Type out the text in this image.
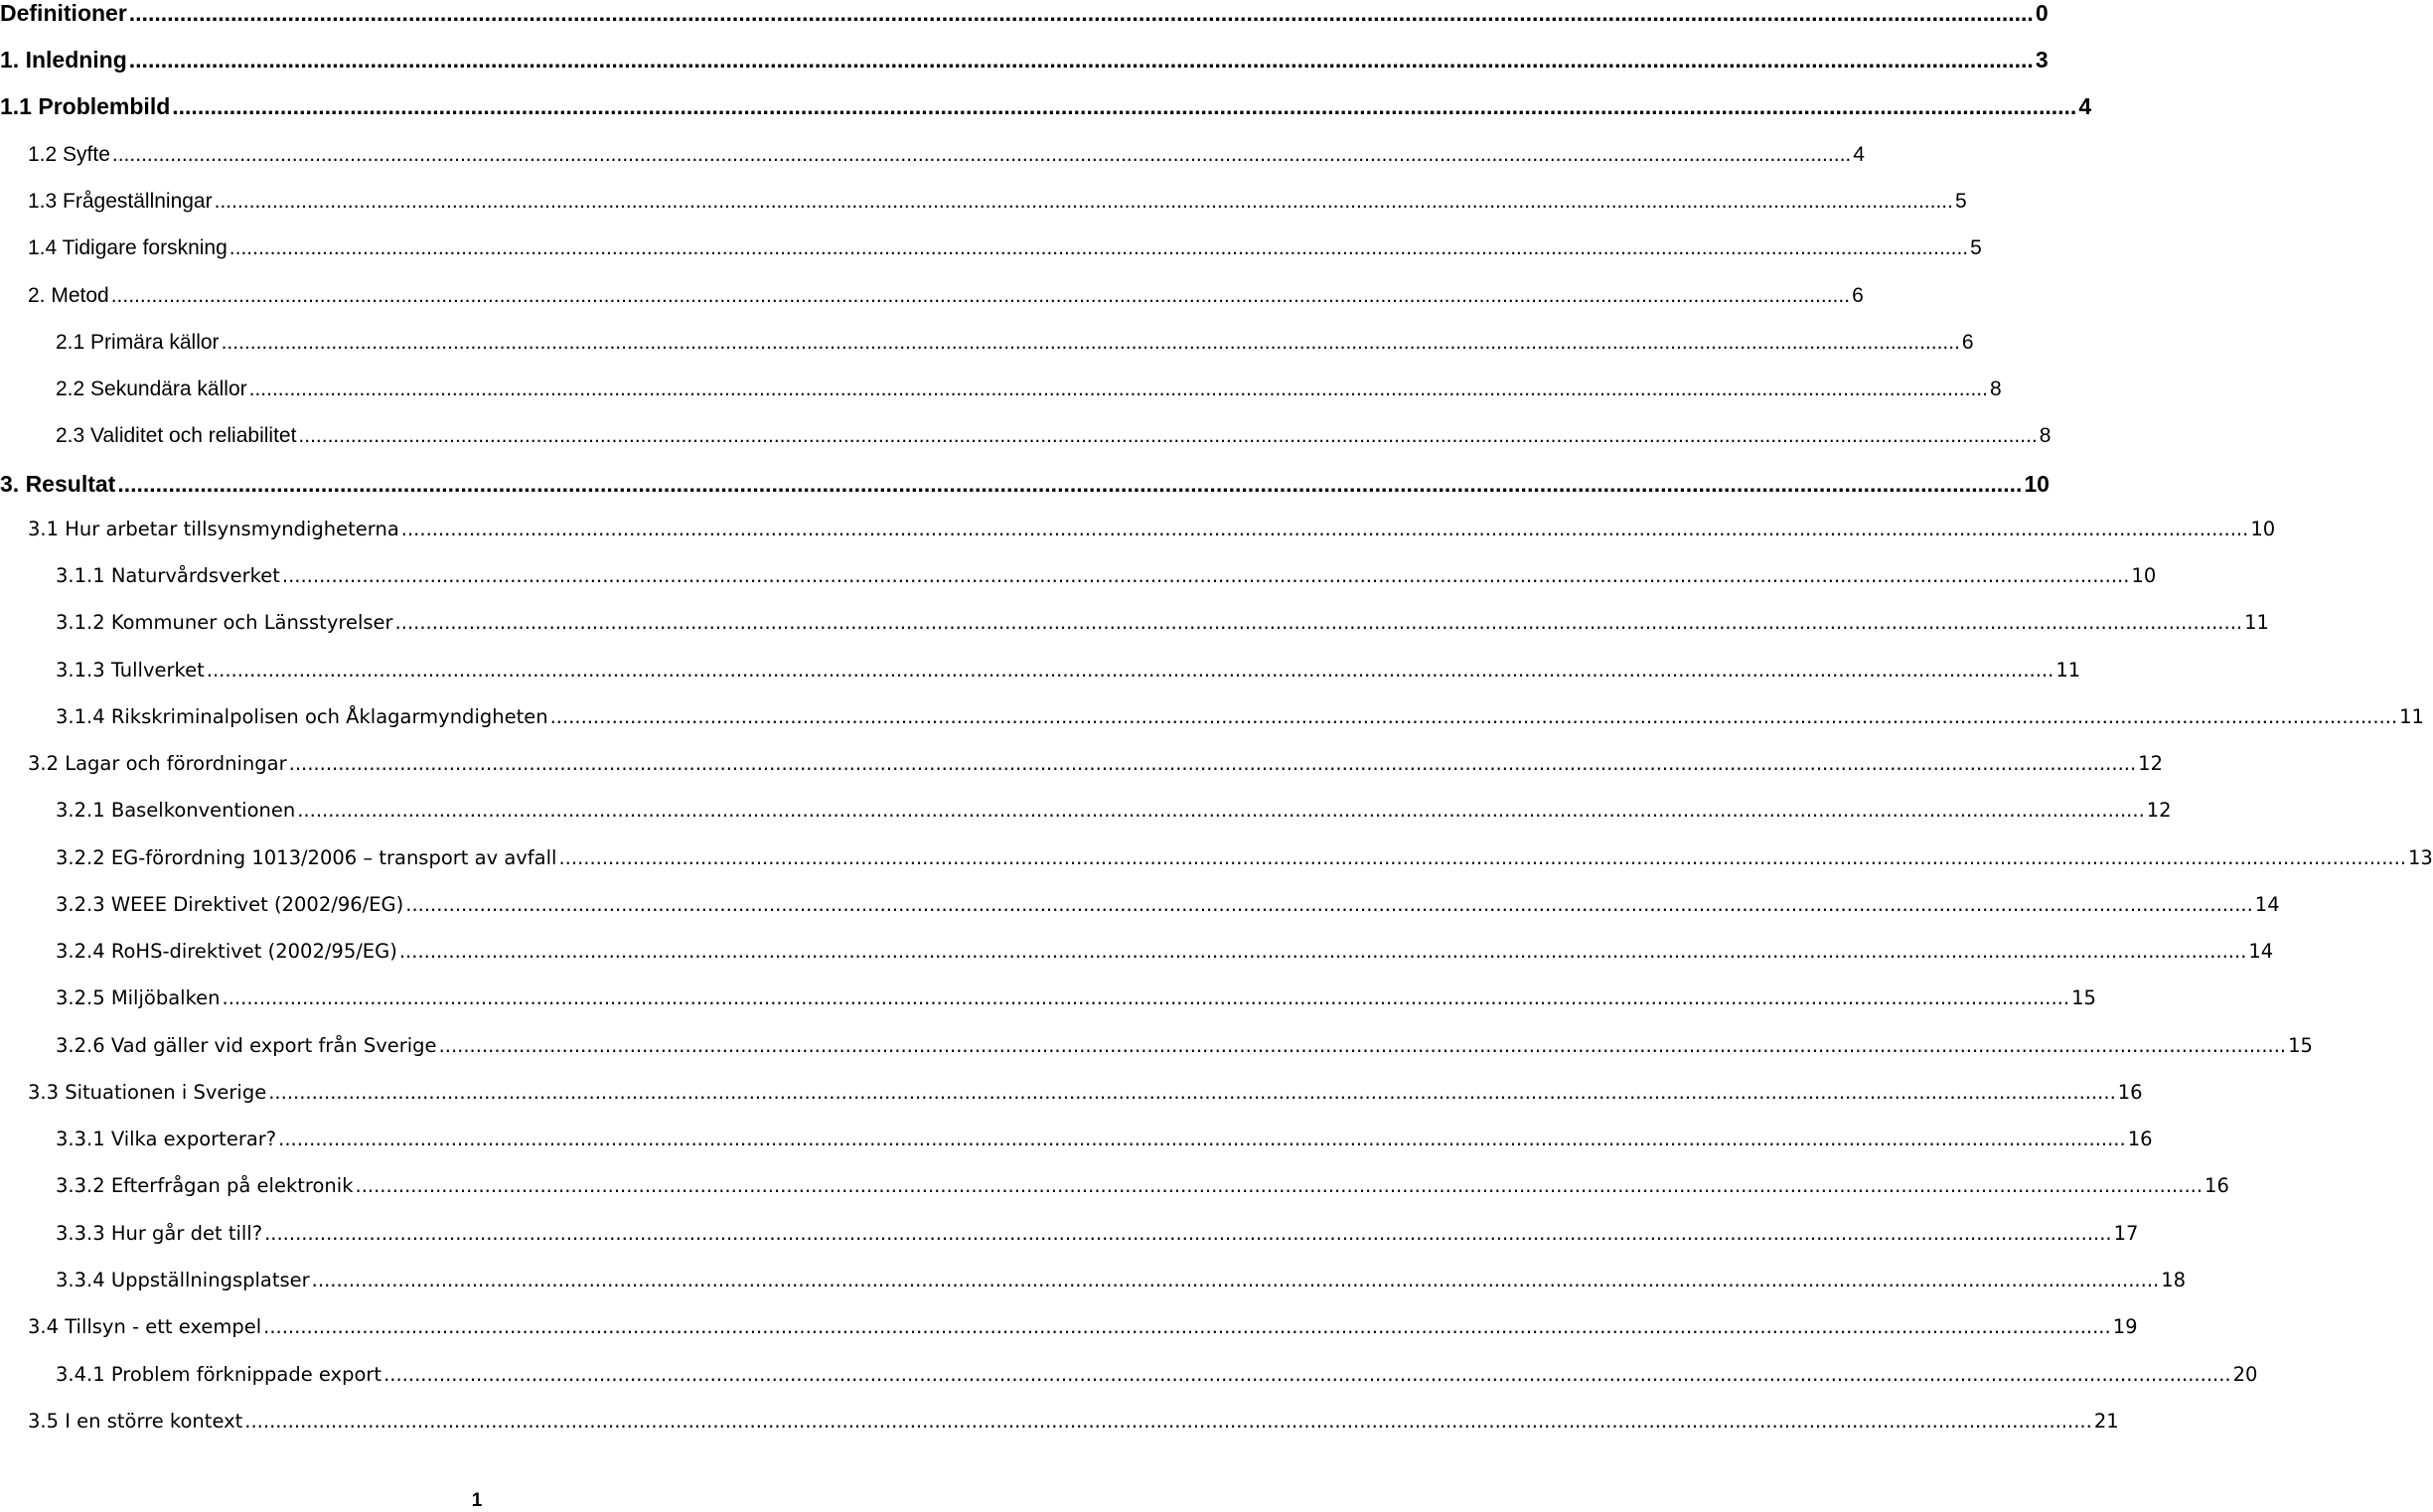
Definitioner ............................................................................................................................................................................................................................................................................................................ 0
1. Inledning ............................................................................................................................................................................................................................................................................................................ 3
1.1 Problembild ............................................................................................................................................................................................................................................................................................................ 4
1.2 Syfte ............................................................................................................................................................................................................................................................................................................ 4
1.3 Frågeställningar ............................................................................................................................................................................................................................................................................................................ 5
1.4 Tidigare forskning ............................................................................................................................................................................................................................................................................................................ 5
2. Metod ............................................................................................................................................................................................................................................................................................................ 6
2.1 Primära källor ............................................................................................................................................................................................................................................................................................................ 6
2.2 Sekundära källor ............................................................................................................................................................................................................................................................................................................ 8
2.3 Validitet och reliabilitet ............................................................................................................................................................................................................................................................................................................ 8
3. Resultat ............................................................................................................................................................................................................................................................................................................ 10
3.1 Hur arbetar tillsynsmyndigheterna ............................................................................................................................................................................................................................................................................................................ 10
3.1.1 Naturvårdsverket ............................................................................................................................................................................................................................................................................................................ 10
3.1.2 Kommuner och Länsstyrelser ............................................................................................................................................................................................................................................................................................................ 11
3.1.3 Tullverket ............................................................................................................................................................................................................................................................................................................ 11
3.1.4 Rikskriminalpolisen och Åklagarmyndigheten ............................................................................................................................................................................................................................................................................................................ 11
3.2 Lagar och förordningar ............................................................................................................................................................................................................................................................................................................ 12
3.2.1 Baselkonventionen ............................................................................................................................................................................................................................................................................................................ 12
3.2.2 EG-förordning 1013/2006 – transport av avfall ............................................................................................................................................................................................................................................................................................................ 13
3.2.3 WEEE Direktivet (2002/96/EG) ............................................................................................................................................................................................................................................................................................................ 14
3.2.4 RoHS-direktivet (2002/95/EG) ............................................................................................................................................................................................................................................................................................................ 14
3.2.5 Miljöbalken ............................................................................................................................................................................................................................................................................................................ 15
3.2.6 Vad gäller vid export från Sverige ............................................................................................................................................................................................................................................................................................................ 15
3.3 Situationen i Sverige ............................................................................................................................................................................................................................................................................................................ 16
3.3.1 Vilka exporterar? ............................................................................................................................................................................................................................................................................................................ 16
3.3.2 Efterfrågan på elektronik ............................................................................................................................................................................................................................................................................................................ 16
3.3.3 Hur går det till? ............................................................................................................................................................................................................................................................................................................ 17
3.3.4 Uppställningsplatser ............................................................................................................................................................................................................................................................................................................ 18
3.4 Tillsyn - ett exempel ............................................................................................................................................................................................................................................................................................................ 19
3.4.1 Problem förknippade export ............................................................................................................................................................................................................................................................................................................ 20
3.5 I en större kontext ............................................................................................................................................................................................................................................................................................................ 21
1
